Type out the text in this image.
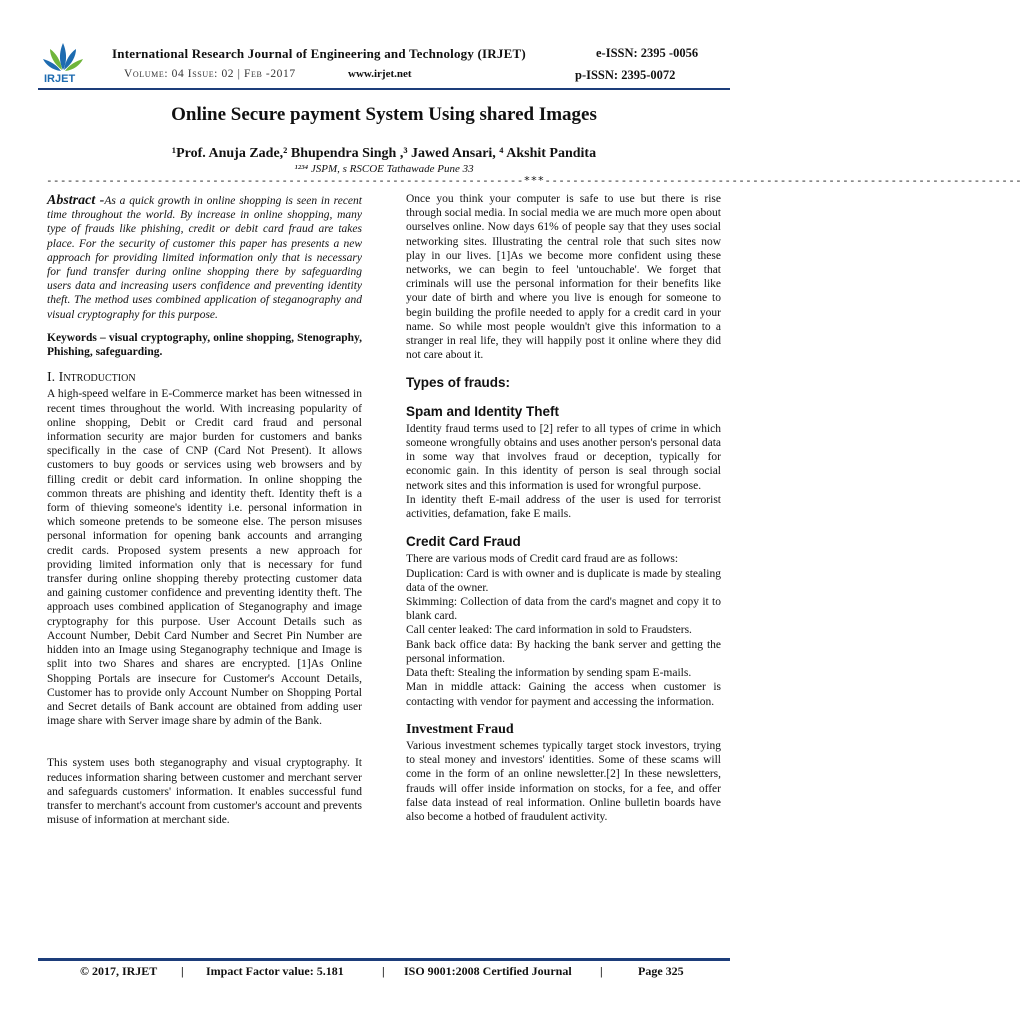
IRJET
International Research Journal of Engineering and Technology (IRJET)	e-ISSN: 2395 -0056
Volume: 04 Issue: 02 | Feb -2017	www.irjet.net	p-ISSN: 2395-0072
Online Secure payment System Using shared Images
¹Prof. Anuja Zade,² Bhupendra Singh ,³ Jawed Ansari, ⁴ Akshit Pandita
¹²³⁴ JSPM, s RSCOE Tathawade Pune 33
---------------------------------------------------------------------***---------------------------------------------------------------------

Abstract -As a quick growth in online shopping is seen in recent time throughout the world. By increase in online shopping, many type of frauds like phishing, credit or debit card fraud are takes place. For the security of customer this paper has presents a new approach for providing limited information only that is necessary for fund transfer during online shopping there by safeguarding users data and increasing users confidence and preventing identity theft. The method uses combined application of steganography and visual cryptography for this purpose.

Keywords – visual cryptography, online shopping, Stenography, Phishing, safeguarding.

I. Introduction

A high-speed welfare in E-Commerce market has been witnessed in recent times throughout the world. With increasing popularity of online shopping, Debit or Credit card fraud and personal information security are major burden for customers and banks specifically in the case of CNP (Card Not Present). It allows customers to buy goods or services using web browsers and by filling credit or debit card information. In online shopping the common threats are phishing and identity theft. Identity theft is a form of thieving someone's identity i.e. personal information in which someone pretends to be someone else. The person misuses personal information for opening bank accounts and arranging credit cards. Proposed system presents a new approach for providing limited information only that is necessary for fund transfer during online shopping thereby protecting customer data and gaining customer confidence and preventing identity theft. The approach uses combined application of Steganography and image cryptography for this purpose. User Account Details such as Account Number, Debit Card Number and Secret Pin Number are hidden into an Image using Steganography technique and Image is split into two Shares and shares are encrypted. [1]As Online Shopping Portals are insecure for Customer's Account Details, Customer has to provide only Account Number on Shopping Portal and Secret details of Bank account are obtained from adding user image share with Server image share by admin of the Bank.

This system uses both steganography and visual cryptography. It reduces information sharing between customer and merchant server and safeguards customers' information. It enables successful fund transfer to merchant's account from customer's account and prevents misuse of information at merchant side.

Once you think your computer is safe to use but there is rise through social media. In social media we are much more open about ourselves online. Now days 61% of people say that they uses social networking sites. Illustrating the central role that such sites now play in our lives. [1]As we become more confident using these networks, we can begin to feel 'untouchable'. We forget that criminals will use the personal information for their benefits like your date of birth and where you live is enough for someone to begin building the profile needed to apply for a credit card in your name. So while most people wouldn't give this information to a stranger in real life, they will happily post it online where they did not care about it.

Types of frauds:

Spam and Identity Theft

Identity fraud terms used to [2] refer to all types of crime in which someone wrongfully obtains and uses another person's personal data in some way that involves fraud or deception, typically for economic gain. In this identity of person is seal through social network sites and this information is used for wrongful purpose.

In identity theft E-mail address of the user is used for terrorist activities, defamation, fake E mails.

Credit Card Fraud

There are various mods of Credit card fraud are as follows:

Duplication: Card is with owner and is duplicate is made by stealing data of the owner.

Skimming: Collection of data from the card's magnet and copy it to blank card.

Call center leaked: The card information in sold to Fraudsters.

Bank back office data: By hacking the bank server and getting the personal information.

Data theft: Stealing the information by sending spam E-mails.

Man in middle attack: Gaining the access when customer is contacting with vendor for payment and accessing the information.

Investment Fraud

Various investment schemes typically target stock investors, trying to steal money and investors' identities. Some of these scams will come in the form of an online newsletter.[2] In these newsletters, frauds will offer inside information on stocks, for a fee, and offer false data instead of real information. Online bulletin boards have also become a hotbed of fraudulent activity.

© 2017, IRJET | Impact Factor value: 5.181	| ISO 9001:2008 Certified Journal |	Page 325
